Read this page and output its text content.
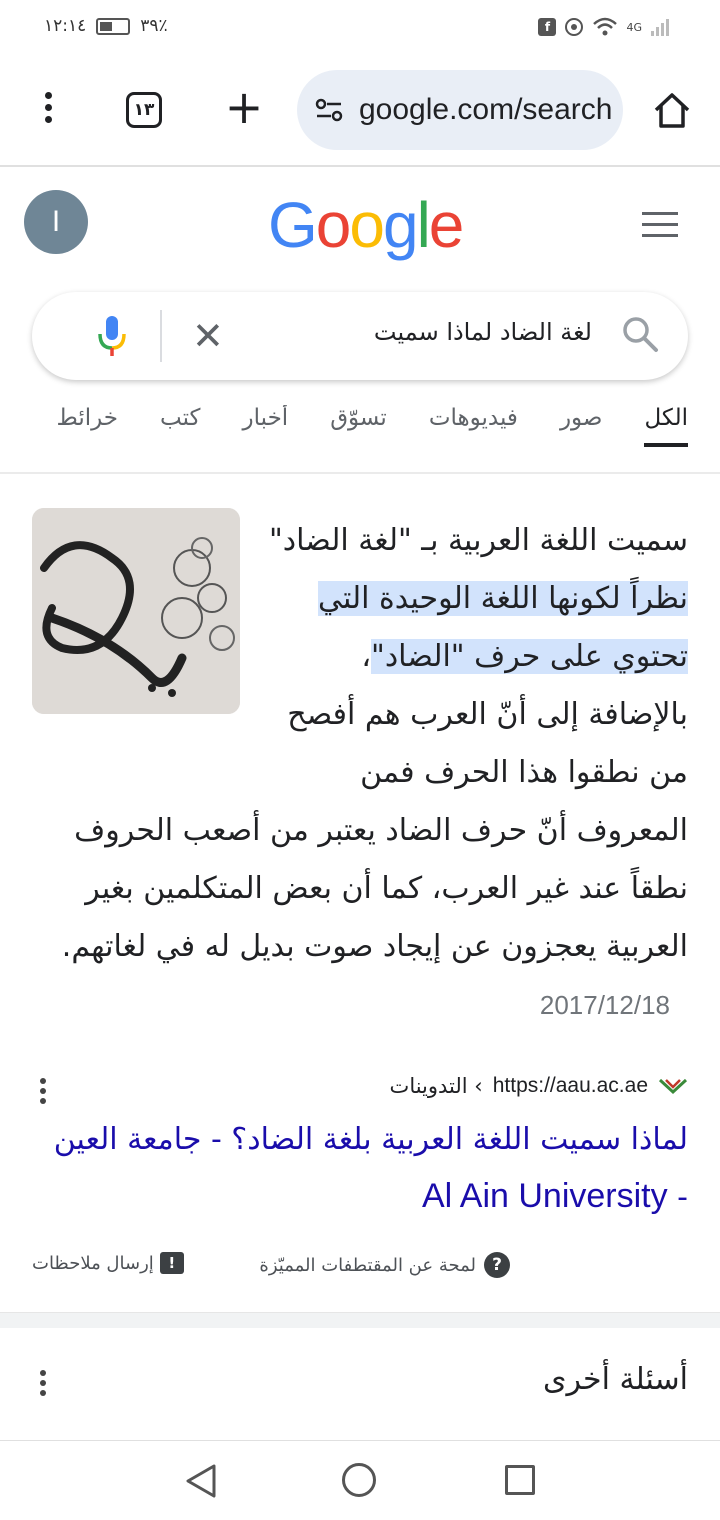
١٢:١٤	٣٩٪	f	4G
١٣ +	google.com/search
I	Google
✕	لغة الضاد لماذا سميت
الكلصورفيديوهاتتسوّقأخباركتبخرائط
سميت اللغة العربية بـ "لغة الضاد" نظراً لكونها اللغة الوحيدة التي تحتوي على حرف "الضاد"، بالإضافة إلى أنّ العرب هم أفصح من نطقوا هذا الحرف فمن المعروف أنّ حرف الضاد يعتبر من أصعب الحروف نطقاً عند غير العرب، كما أن بعض المتكلمين بغير العربية يعجزون عن إيجاد صوت بديل له في لغاتهم. 2017/12/18
https://aau.ac.ae
› التدوينات
لماذا سميت اللغة العربية بلغة الضاد؟ - جامعة العين - Al Ain University
?
لمحة عن المقتطفات المميّزة
!
إرسال ملاحظات
أسئلة أخرى
